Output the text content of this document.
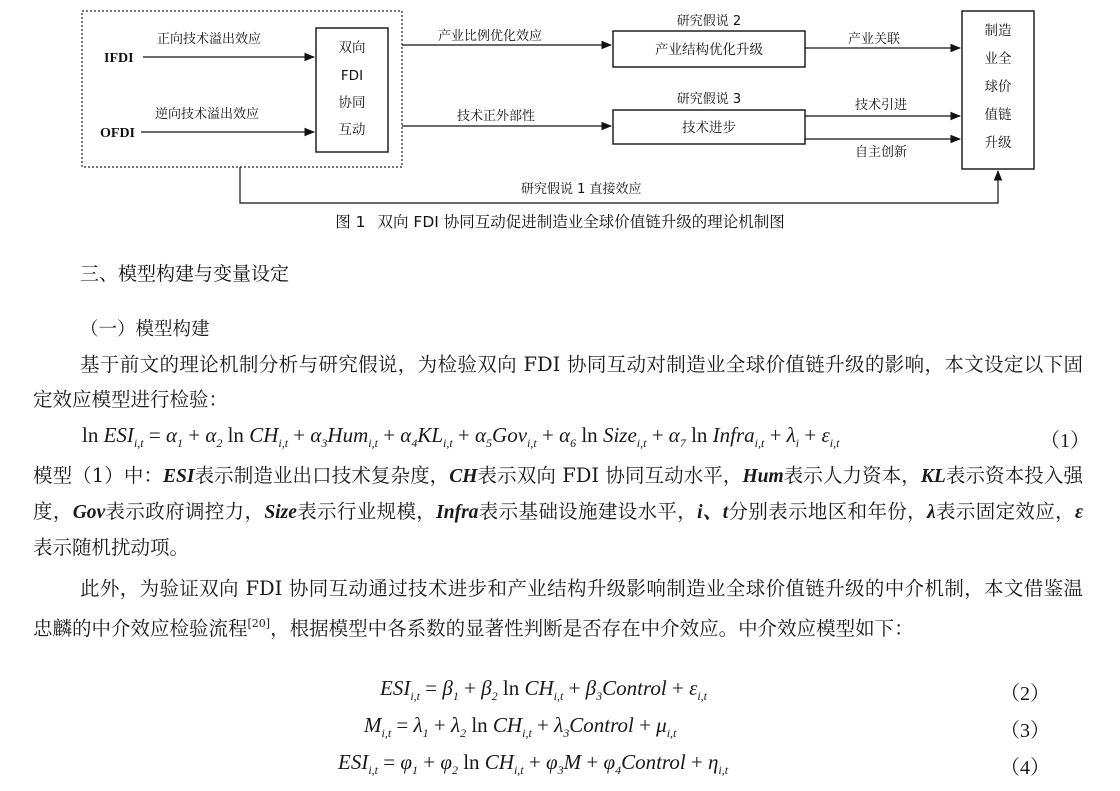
IFDI
OFDI
正向技术溢出效应
逆向技术溢出效应
双向
FDI
协同
互动
产业比例优化效应
技术正外部性
研究假说 2
产业结构优化升级
研究假说 3
技术进步
产业关联
技术引进
自主创新
制造
业全
球价
值链
升级
研究假说 1 直接效应
图 1 双向 FDI 协同互动促进制造业全球价值链升级的理论机制图
三、模型构建与变量设定
（一）模型构建
基于前文的理论机制分析与研究假说，为检验双向 FDI 协同互动对制造业全球价值链升级的影响，本文设定以下固定效应模型进行检验：
$\ln ESI_{i,t} = \alpha_1 + \alpha_2$ $\ln CH_{i,t} + \alpha_3Hum_{i,t} + \alpha_4KL_{i,t} + \alpha_5Gov_{i,t} + \alpha_6$ ln Size$_{i,t}$ + $\alpha_7$ ln Infra$_{i,t}$ + $\lambda_i + \varepsilon_{i,t}$	（1）
模型（1）中：ESI表示制造业出口技术复杂度，CH表示双向 FDI 协同互动水平，Hum表示人力资本，KL表示资本投入强度，Gov表示政府调控力，Size表示行业规模，Infra表示基础设施建设水平，i、t分别表示地区和年份，λ表示固定效应，ε表示随机扰动项。
此外，为验证双向 FDI 协同互动通过技术进步和产业结构升级影响制造业全球价值链升级的中介机制，本文借鉴温忠麟的中介效应检验流程[20]，根据模型中各系数的显著性判断是否存在中介效应。中介效应模型如下：
$ESI_{i,t} = \beta_1 + \beta_2$ $\ln CH_{i,t}$ + $\beta_3Control + \varepsilon_{i,t}$	（2）
$M_{i,t} = \lambda_1 + \lambda_2$ $\ln CH_{i,t}$ + $\lambda_3Control + \mu_{i,t}$	（3）
$ESI_{i,t} = \varphi_1 + \varphi_2$ $\ln CH_{i,t} + \varphi_3M$ + $\varphi_4Control + \eta_{i,t}$	（4）
